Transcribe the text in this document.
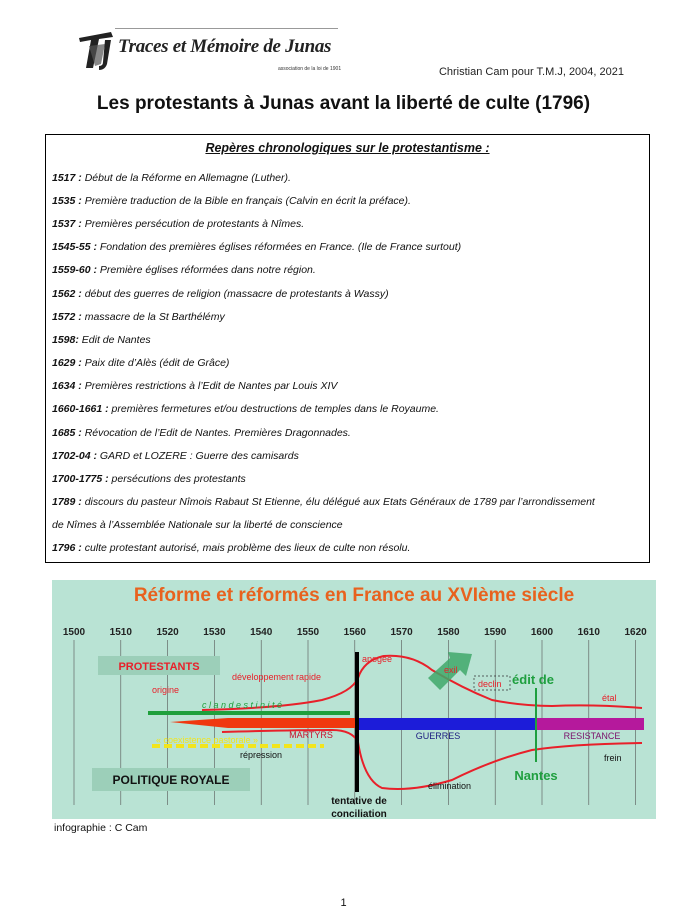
Traces et Mémoire de Junas
association de la loi de 1901	Christian Cam pour T.M.J, 2004, 2021
Les protestants à Junas avant la liberté de culte (1796)
Repères chronologiques sur le protestantisme :
1517 : Début de la Réforme en Allemagne (Luther).
1535 : Première traduction de la Bible en français (Calvin en écrit la préface).
1537 : Premières persécution de protestants à Nîmes.
1545-55 : Fondation des premières églises réformées en France. (Ile de France surtout)
1559-60 : Première églises réformées dans notre région.
1562 : début des guerres de religion (massacre de protestants à Wassy)
1572 : massacre de la St Barthélémy
1598: Edit de Nantes
1629 : Paix dite d’Alès (édit de Grâce)
1634 : Premières restrictions à l’Edit de Nantes par Louis XIV
1660-1661 : premières fermetures et/ou destructions de temples dans le Royaume.
1685 : Révocation de l’Edit de Nantes. Premières Dragonnades.
1702-04 : GARD et LOZERE : Guerre des camisards
1700-1775 : persécutions des protestants
1789 : discours du pasteur Nîmois Rabaut St Etienne, élu délégué aux Etats Généraux de 1789 par l’arrondissement
de Nîmes à l’Assemblée Nationale sur la liberté de conscience
1796 : culte protestant autorisé, mais problème des lieux de culte non résolu.
Réforme et réformés en France au XVIème siècle
1500 1510 1520 1530 1540 1550 1560 1570 1580 1590 1600 1610 1620
PROTESTANTS
POLITIQUE ROYALE
c l a n d e s t i n i t é
MARTYRS
« coexistence pastorale »	GUERRES	RESISTANCE
édit de
Nantes
exil
declin
origine
développement rapide
apogée
étal
répression	frein
élimination
tentative de
conciliation
infographie : C Cam
1
